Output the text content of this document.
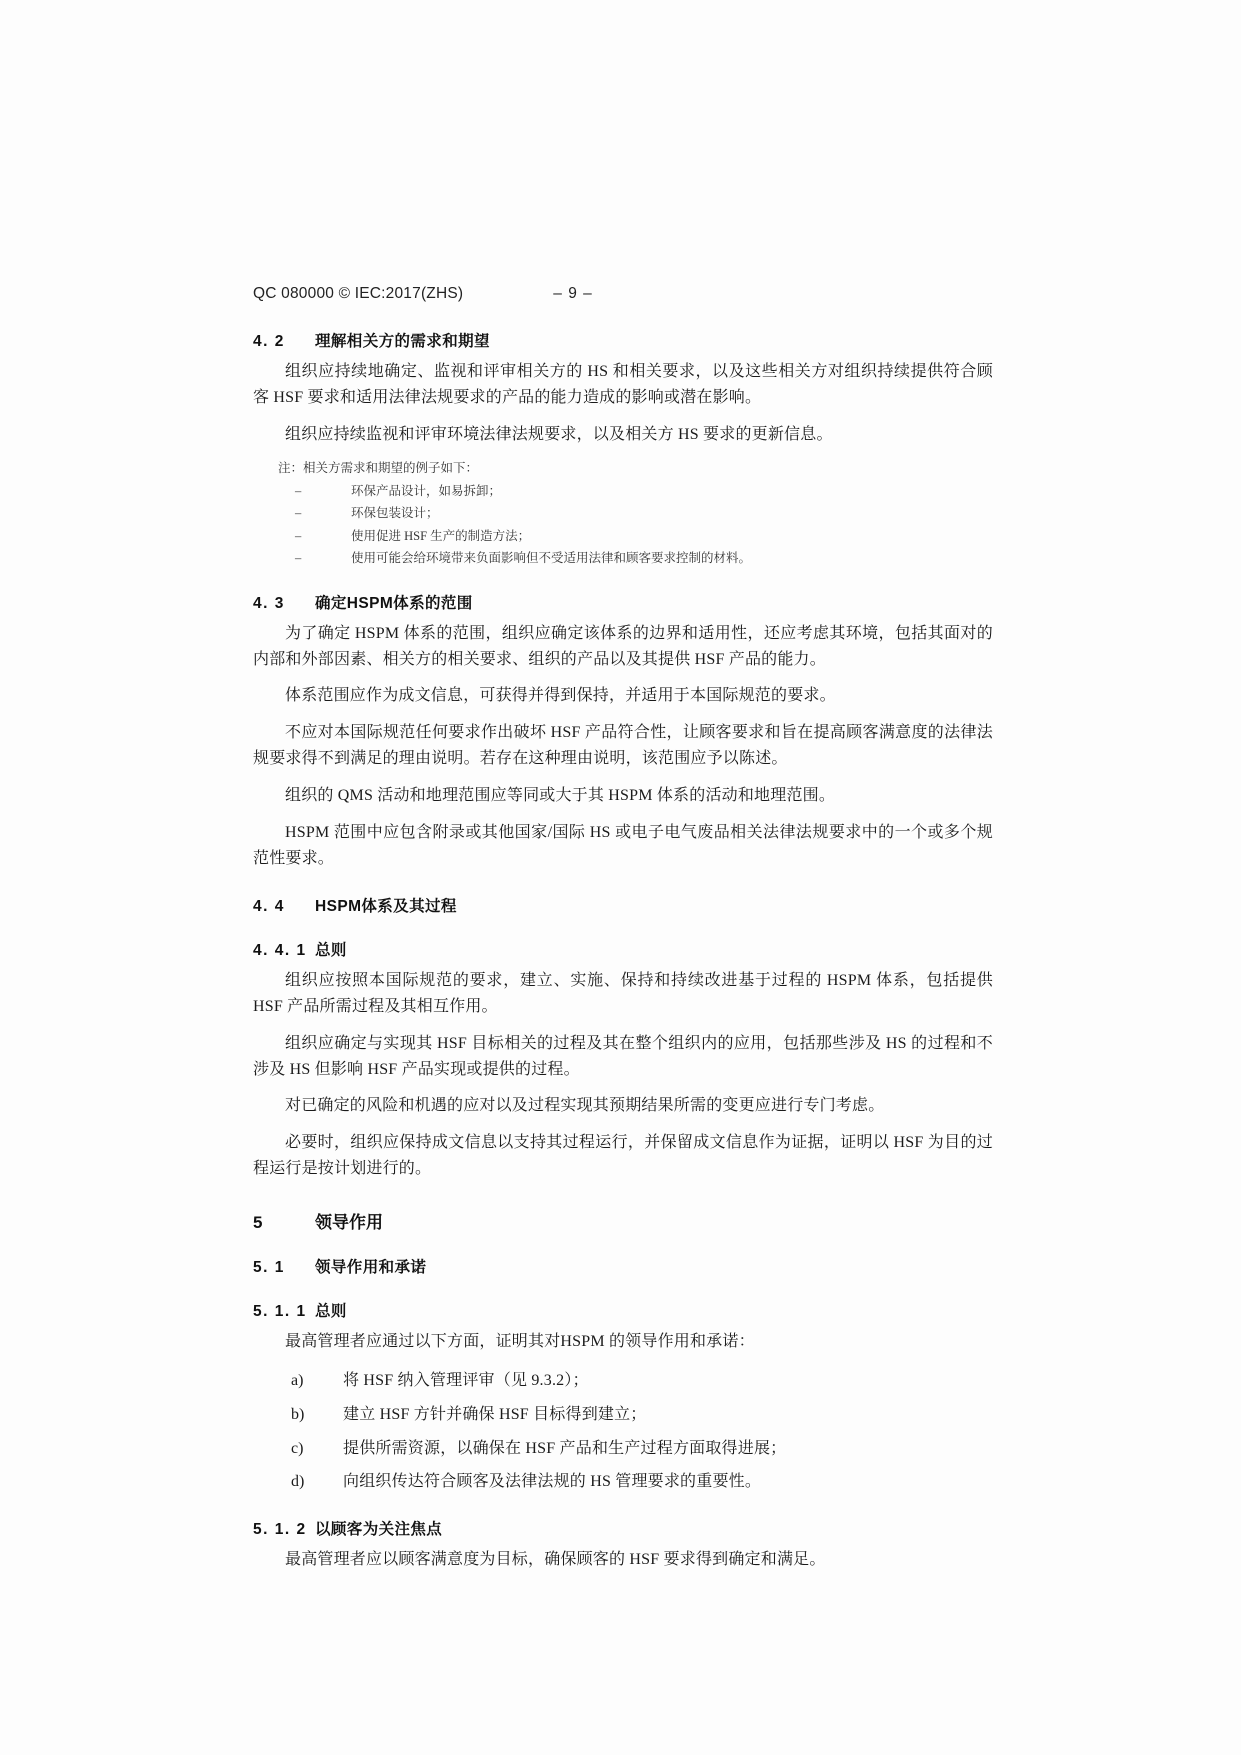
QC 080000 © IEC:2017(ZHS)	– 9 –
4. 2	理解相关方的需求和期望

组织应持续地确定、监视和评审相关方的 HS 和相关要求，以及这些相关方对组织持续提供符合顾客 HSF 要求和适用法律法规要求的产品的能力造成的影响或潜在影响。

组织应持续监视和评审环境法律法规要求，以及相关方 HS 要求的更新信息。

注：相关方需求和期望的例子如下：
–	环保产品设计，如易拆卸；
–	环保包装设计；
–	使用促进 HSF 生产的制造方法；
–	使用可能会给环境带来负面影响但不受适用法律和顾客要求控制的材料。
4. 3	确定HSPM体系的范围

为了确定 HSPM 体系的范围，组织应确定该体系的边界和适用性，还应考虑其环境，包括其面对的内部和外部因素、相关方的相关要求、组织的产品以及其提供 HSF 产品的能力。

体系范围应作为成文信息，可获得并得到保持，并适用于本国际规范的要求。

不应对本国际规范任何要求作出破坏 HSF 产品符合性，让顾客要求和旨在提高顾客满意度的法律法规要求得不到满足的理由说明。若存在这种理由说明，该范围应予以陈述。

组织的 QMS 活动和地理范围应等同或大于其 HSPM 体系的活动和地理范围。

HSPM 范围中应包含附录或其他国家/国际 HS 或电子电气废品相关法律法规要求中的一个或多个规范性要求。

4. 4	HSPM体系及其过程
4. 4. 1 总则

组织应按照本国际规范的要求，建立、实施、保持和持续改进基于过程的 HSPM 体系，包括提供 HSF 产品所需过程及其相互作用。

组织应确定与实现其 HSF 目标相关的过程及其在整个组织内的应用，包括那些涉及 HS 的过程和不涉及 HS 但影响 HSF 产品实现或提供的过程。

对已确定的风险和机遇的应对以及过程实现其预期结果所需的变更应进行专门考虑。

必要时，组织应保持成文信息以支持其过程运行，并保留成文信息作为证据，证明以 HSF 为目的过程运行是按计划进行的。

5	领导作用
5. 1	领导作用和承诺
5. 1. 1 总则

最高管理者应通过以下方面，证明其对HSPM 的领导作用和承诺：

a)	将 HSF 纳入管理评审（见 9.3.2）；
b)	建立 HSF 方针并确保 HSF 目标得到建立；
c)	提供所需资源，以确保在 HSF 产品和生产过程方面取得进展；
d)	向组织传达符合顾客及法律法规的 HS 管理要求的重要性。
5. 1. 2 以顾客为关注焦点

最高管理者应以顾客满意度为目标，确保顾客的 HSF 要求得到确定和满足。
